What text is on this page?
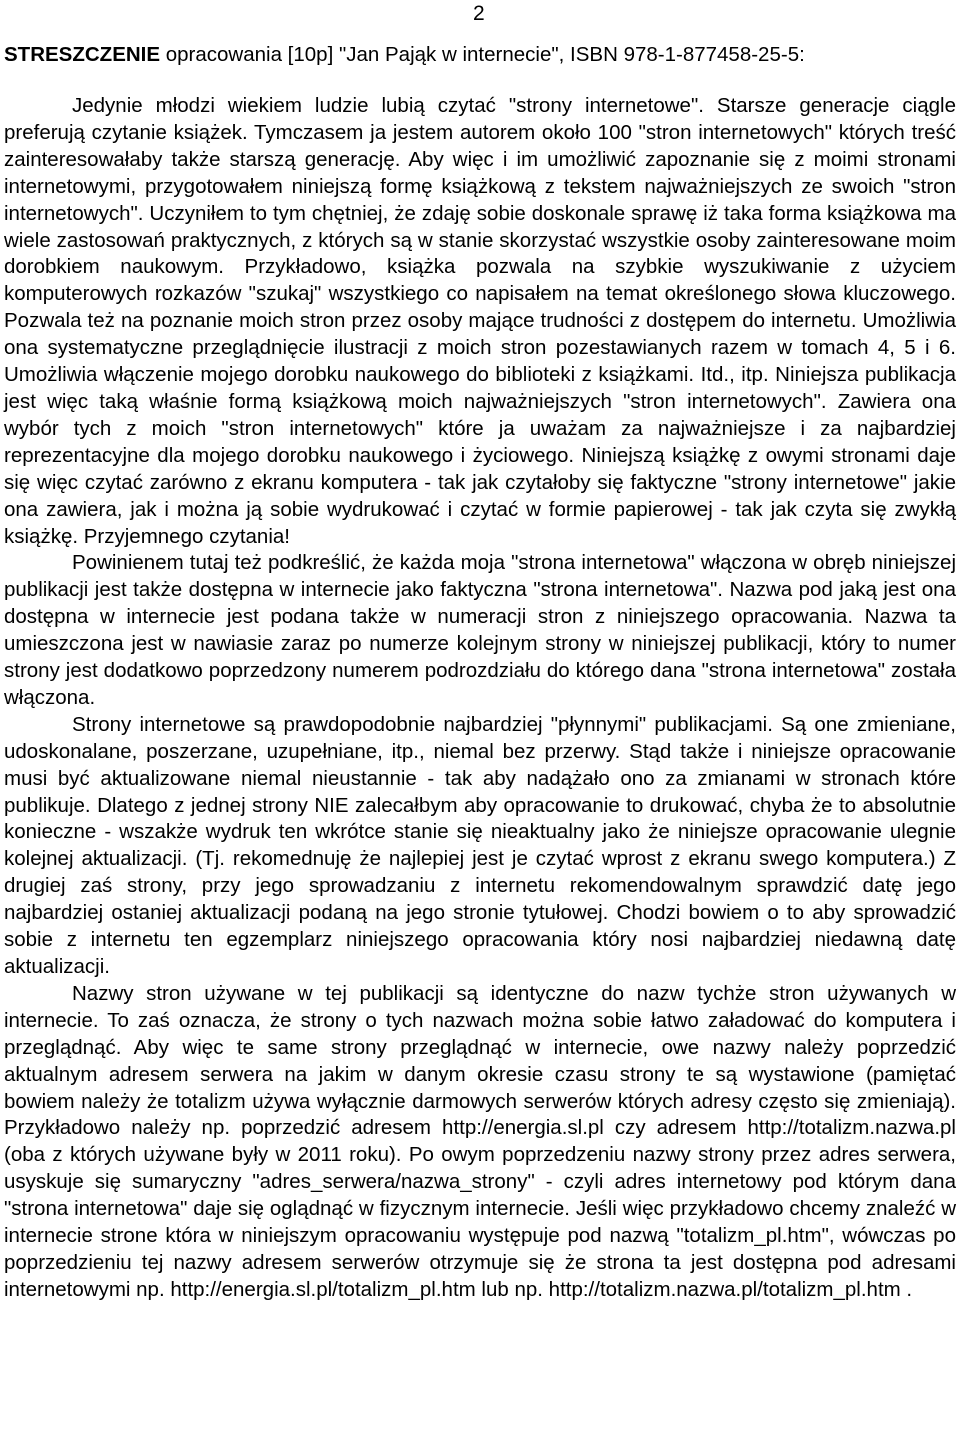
2
STRESZCZENIE opracowania [10p] "Jan Pająk w internecie", ISBN 978-1-877458-25-5:

Jedynie młodzi wiekiem ludzie lubią czytać "strony internetowe". Starsze generacje ciągle preferują czytanie książek. Tymczasem ja jestem autorem około 100 "stron internetowych" których treść zainteresowałaby także starszą generację. Aby więc i im umożliwić zapoznanie się z moimi stronami internetowymi, przygotowałem niniejszą formę książkową z tekstem najważniejszych ze swoich "stron internetowych". Uczyniłem to tym chętniej, że zdaję sobie doskonale sprawę iż taka forma książkowa ma wiele zastosowań praktycznych, z których są w stanie skorzystać wszystkie osoby zainteresowane moim dorobkiem naukowym. Przykładowo, książka pozwala na szybkie wyszukiwanie z użyciem komputerowych rozkazów "szukaj" wszystkiego co napisałem na temat określonego słowa kluczowego. Pozwala też na poznanie moich stron przez osoby mające trudności z dostępem do internetu. Umożliwia ona systematyczne przeglądnięcie ilustracji z moich stron pozestawianych razem w tomach 4, 5 i 6. Umożliwia włączenie mojego dorobku naukowego do biblioteki z książkami. Itd., itp. Niniejsza publikacja jest więc taką właśnie formą książkową moich najważniejszych "stron internetowych". Zawiera ona wybór tych z moich "stron internetowych" które ja uważam za najważniejsze i za najbardziej reprezentacyjne dla mojego dorobku naukowego i życiowego. Niniejszą książkę z owymi stronami daje się więc czytać zarówno z ekranu komputera - tak jak czytałoby się faktyczne "strony internetowe" jakie ona zawiera, jak i można ją sobie wydrukować i czytać w formie papierowej - tak jak czyta się zwykłą książkę. Przyjemnego czytania!

Powinienem tutaj też podkreślić, że każda moja "strona internetowa" włączona w obręb niniejszej publikacji jest także dostępna w internecie jako faktyczna "strona internetowa". Nazwa pod jaką jest ona dostępna w internecie jest podana także w numeracji stron z niniejszego opracowania. Nazwa ta umieszczona jest w nawiasie zaraz po numerze kolejnym strony w niniejszej publikacji, który to numer strony jest dodatkowo poprzedzony numerem podrozdziału do którego dana "strona internetowa" została włączona.

Strony internetowe są prawdopodobnie najbardziej "płynnymi" publikacjami. Są one zmieniane, udoskonalane, poszerzane, uzupełniane, itp., niemal bez przerwy. Stąd także i niniejsze opracowanie musi być aktualizowane niemal nieustannie - tak aby nadążało ono za zmianami w stronach które publikuje. Dlatego z jednej strony NIE zalecałbym aby opracowanie to drukować, chyba że to absolutnie konieczne - wszakże wydruk ten wkrótce stanie się nieaktualny jako że niniejsze opracowanie ulegnie kolejnej aktualizacji. (Tj. rekomednuję że najlepiej jest je czytać wprost z ekranu swego komputera.) Z drugiej zaś strony, przy jego sprowadzaniu z internetu rekomendowalnym sprawdzić datę jego najbardziej ostaniej aktualizacji podaną na jego stronie tytułowej. Chodzi bowiem o to aby sprowadzić sobie z internetu ten egzemplarz niniejszego opracowania który nosi najbardziej niedawną datę aktualizacji.

Nazwy stron używane w tej publikacji są identyczne do nazw tychże stron używanych w internecie. To zaś oznacza, że strony o tych nazwach można sobie łatwo załadować do komputera i przeglądnąć. Aby więc te same strony przeglądnąć w internecie, owe nazwy należy poprzedzić aktualnym adresem serwera na jakim w danym okresie czasu strony te są wystawione (pamiętać bowiem należy że totalizm używa wyłącznie darmowych serwerów których adresy często się zmieniają). Przykładowo należy np. poprzedzić adresem http://energia.sl.pl czy adresem http://totalizm.nazwa.pl (oba z których używane były w 2011 roku). Po owym poprzedzeniu nazwy strony przez adres serwera, usyskuje się sumaryczny "adres_serwera/nazwa_strony" - czyli adres internetowy pod którym dana "strona internetowa" daje się oglądnąć w fizycznym internecie. Jeśli więc przykładowo chcemy znaleźć w internecie strone która w niniejszym opracowaniu występuje pod nazwą "totalizm_pl.htm", wówczas po poprzedzieniu tej nazwy adresem serwerów otrzymuje się że strona ta jest dostępna pod adresami internetowymi np. http://energia.sl.pl/totalizm_pl.htm lub np. http://totalizm.nazwa.pl/totalizm_pl.htm .
